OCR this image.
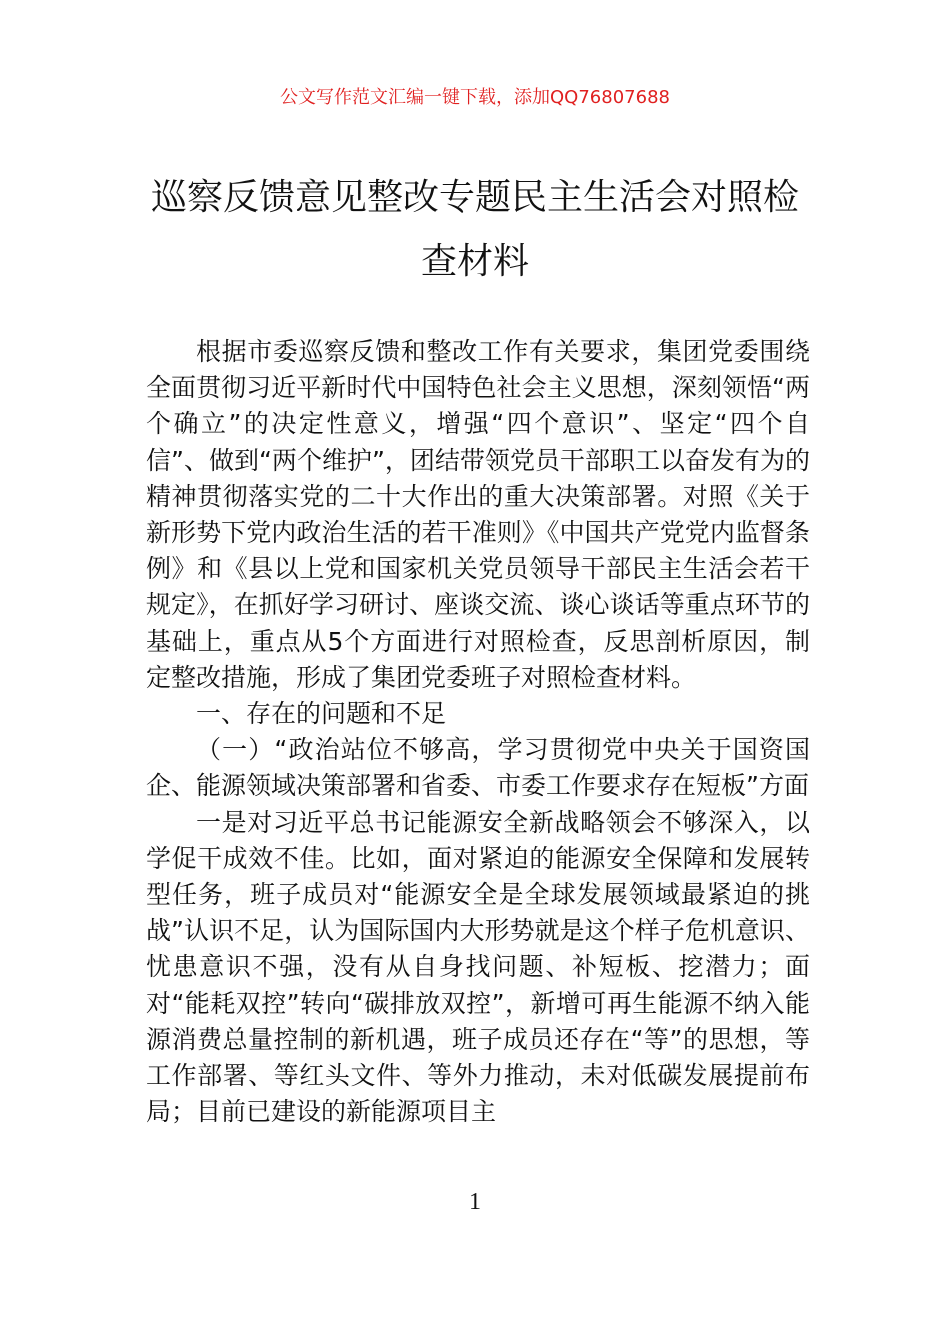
公文写作范文汇编一键下载，添加QQ76807688
巡察反馈意见整改专题民主生活会对照检
查材料

根据市委巡察反馈和整改工作有关要求，集团党委围绕全面贯彻习近平新时代中国特色社会主义思想，深刻领悟“两个确立”的决定性意义，增强“四个意识”、坚定“四个自信”、做到“两个维护”，团结带领党员干部职工以奋发有为的精神贯彻落实党的二十大作出的重大决策部署。对照《关于新形势下党内政治生活的若干准则》《中国共产党党内监督条例》和《县以上党和国家机关党员领导干部民主生活会若干规定》，在抓好学习研讨、座谈交流、谈心谈话等重点环节的基础上，重点从5个方面进行对照检查，反思剖析原因，制定整改措施，形成了集团党委班子对照检查材料。

一、存在的问题和不足

（一）“政治站位不够高，学习贯彻党中央关于国资国企、能源领域决策部署和省委、市委工作要求存在短板”方面

一是对习近平总书记能源安全新战略领会不够深入，以学促干成效不佳。比如，面对紧迫的能源安全保障和发展转型任务，班子成员对“能源安全是全球发展领域最紧迫的挑战”认识不足，认为国际国内大形势就是这个样子危机意识、忧患意识不强，没有从自身找问题、补短板、挖潜力；面对“能耗双控”转向“碳排放双控”，新增可再生能源不纳入能源消费总量控制的新机遇，班子成员还存在“等”的思想，等工作部署、等红头文件、等外力推动，未对低碳发展提前布局；目前已建设的新能源项目主

1
